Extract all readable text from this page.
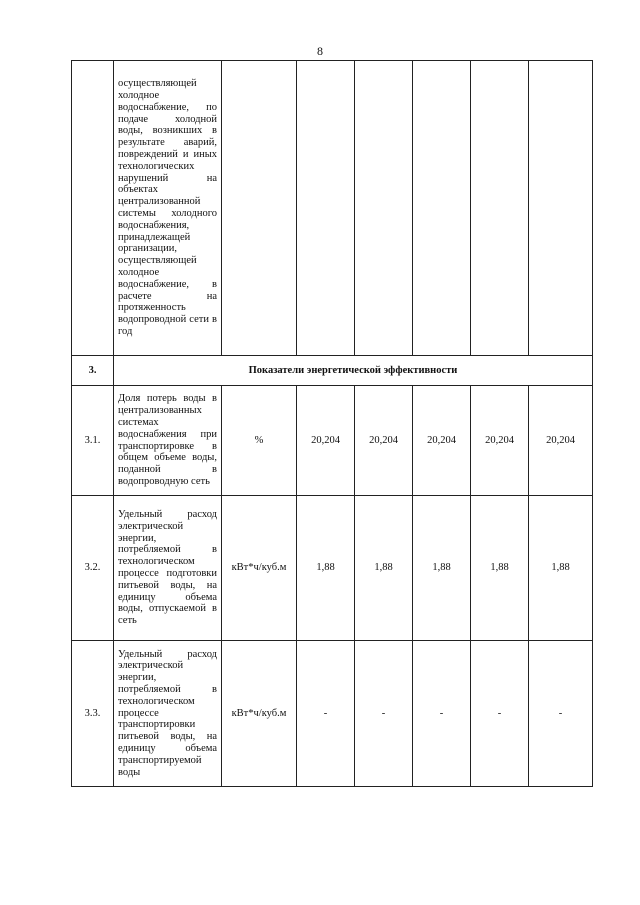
8
	осуществляющей холодное водоснабжение, по подаче холодной воды, возникших в результате аварий, повреждений и иных технологических нарушений на объектах централизованной системы холодного водоснабжения, принадлежащей организации, осуществляющей холодное водоснабжение, в расчете на протяженность водопроводной сети в год						
3.	Показатели энергетической эффективности						
3.1.	Доля потерь воды в централизованных системах водоснабжения при транспортировке в общем объеме воды, поданной в водопроводную сеть	%	20,204	20,204	20,204	20,204	20,204
3.2.	Удельный расход электрической энергии, потребляемой в технологическом процессе подготовки питьевой воды, на единицу объема воды, отпускаемой в сеть	кВт*ч/куб.м	1,88	1,88	1,88	1,88	1,88
3.3.	Удельный расход электрической энергии, потребляемой в технологическом процессе транспортировки питьевой воды, на единицу объема транспортируемой воды	кВт*ч/куб.м	-	-	-	-	-
